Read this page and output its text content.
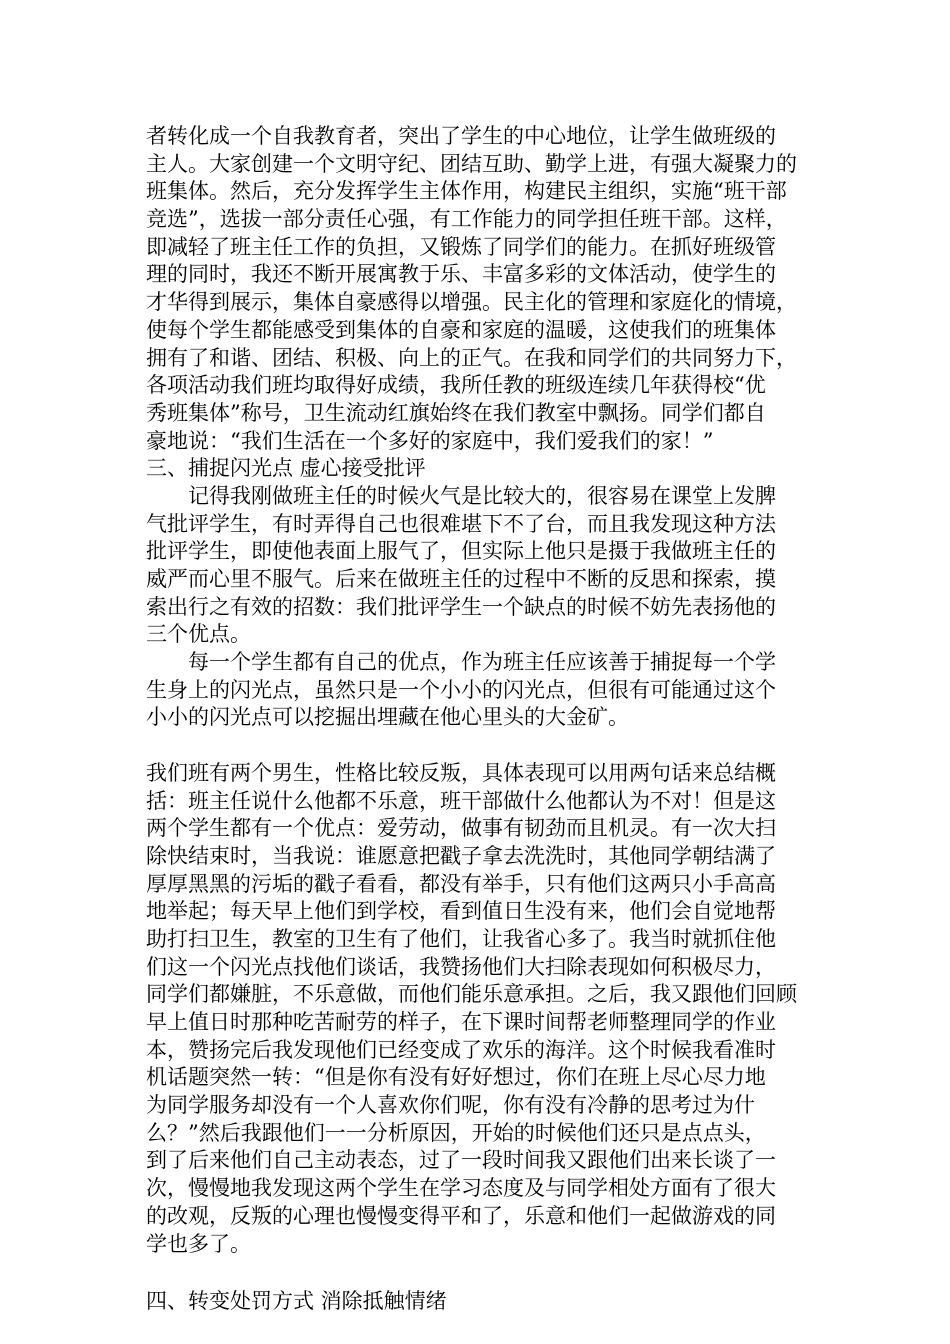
者转化成一个自我教育者，突出了学生的中心地位，让学生做班级的
主人。大家创建一个文明守纪、团结互助、勤学上进，有强大凝聚力的
班集体。然后，充分发挥学生主体作用，构建民主组织，实施“班干部
竞选”，选拔一部分责任心强，有工作能力的同学担任班干部。这样，
即减轻了班主任工作的负担，又锻炼了同学们的能力。在抓好班级管
理的同时，我还不断开展寓教于乐、丰富多彩的文体活动，使学生的
才华得到展示，集体自豪感得以增强。民主化的管理和家庭化的情境，
使每个学生都能感受到集体的自豪和家庭的温暖，这使我们的班集体
拥有了和谐、团结、积极、向上的正气。在我和同学们的共同努力下，
各项活动我们班均取得好成绩，我所任教的班级连续几年获得校“优
秀班集体”称号，卫生流动红旗始终在我们教室中飘扬。同学们都自
豪地说：“我们生活在一个多好的家庭中，我们爱我们的家！”
三、捕捉闪光点 虚心接受批评
记得我刚做班主任的时候火气是比较大的，很容易在课堂上发脾
气批评学生，有时弄得自己也很难堪下不了台，而且我发现这种方法
批评学生，即使他表面上服气了，但实际上他只是摄于我做班主任的
威严而心里不服气。后来在做班主任的过程中不断的反思和探索，摸
索出行之有效的招数：我们批评学生一个缺点的时候不妨先表扬他的
三个优点。
每一个学生都有自己的优点，作为班主任应该善于捕捉每一个学
生身上的闪光点，虽然只是一个小小的闪光点，但很有可能通过这个
小小的闪光点可以挖掘出埋藏在他心里头的大金矿。
我们班有两个男生，性格比较反叛，具体表现可以用两句话来总结概
括：班主任说什么他都不乐意，班干部做什么他都认为不对！但是这
两个学生都有一个优点：爱劳动，做事有韧劲而且机灵。有一次大扫
除快结束时，当我说：谁愿意把戳子拿去洗洗时，其他同学朝结满了
厚厚黑黑的污垢的戳子看看，都没有举手，只有他们这两只小手高高
地举起；每天早上他们到学校，看到值日生没有来，他们会自觉地帮
助打扫卫生，教室的卫生有了他们，让我省心多了。我当时就抓住他
们这一个闪光点找他们谈话，我赞扬他们大扫除表现如何积极尽力，
同学们都嫌脏，不乐意做，而他们能乐意承担。之后，我又跟他们回顾
早上值日时那种吃苦耐劳的样子，在下课时间帮老师整理同学的作业
本，赞扬完后我发现他们已经变成了欢乐的海洋。这个时候我看准时
机话题突然一转：“但是你有没有好好想过，你们在班上尽心尽力地
为同学服务却没有一个人喜欢你们呢，你有没有冷静的思考过为什
么？”然后我跟他们一一分析原因，开始的时候他们还只是点点头，
到了后来他们自己主动表态，过了一段时间我又跟他们出来长谈了一
次，慢慢地我发现这两个学生在学习态度及与同学相处方面有了很大
的改观，反叛的心理也慢慢变得平和了，乐意和他们一起做游戏的同
学也多了。
四、转变处罚方式 消除抵触情绪
